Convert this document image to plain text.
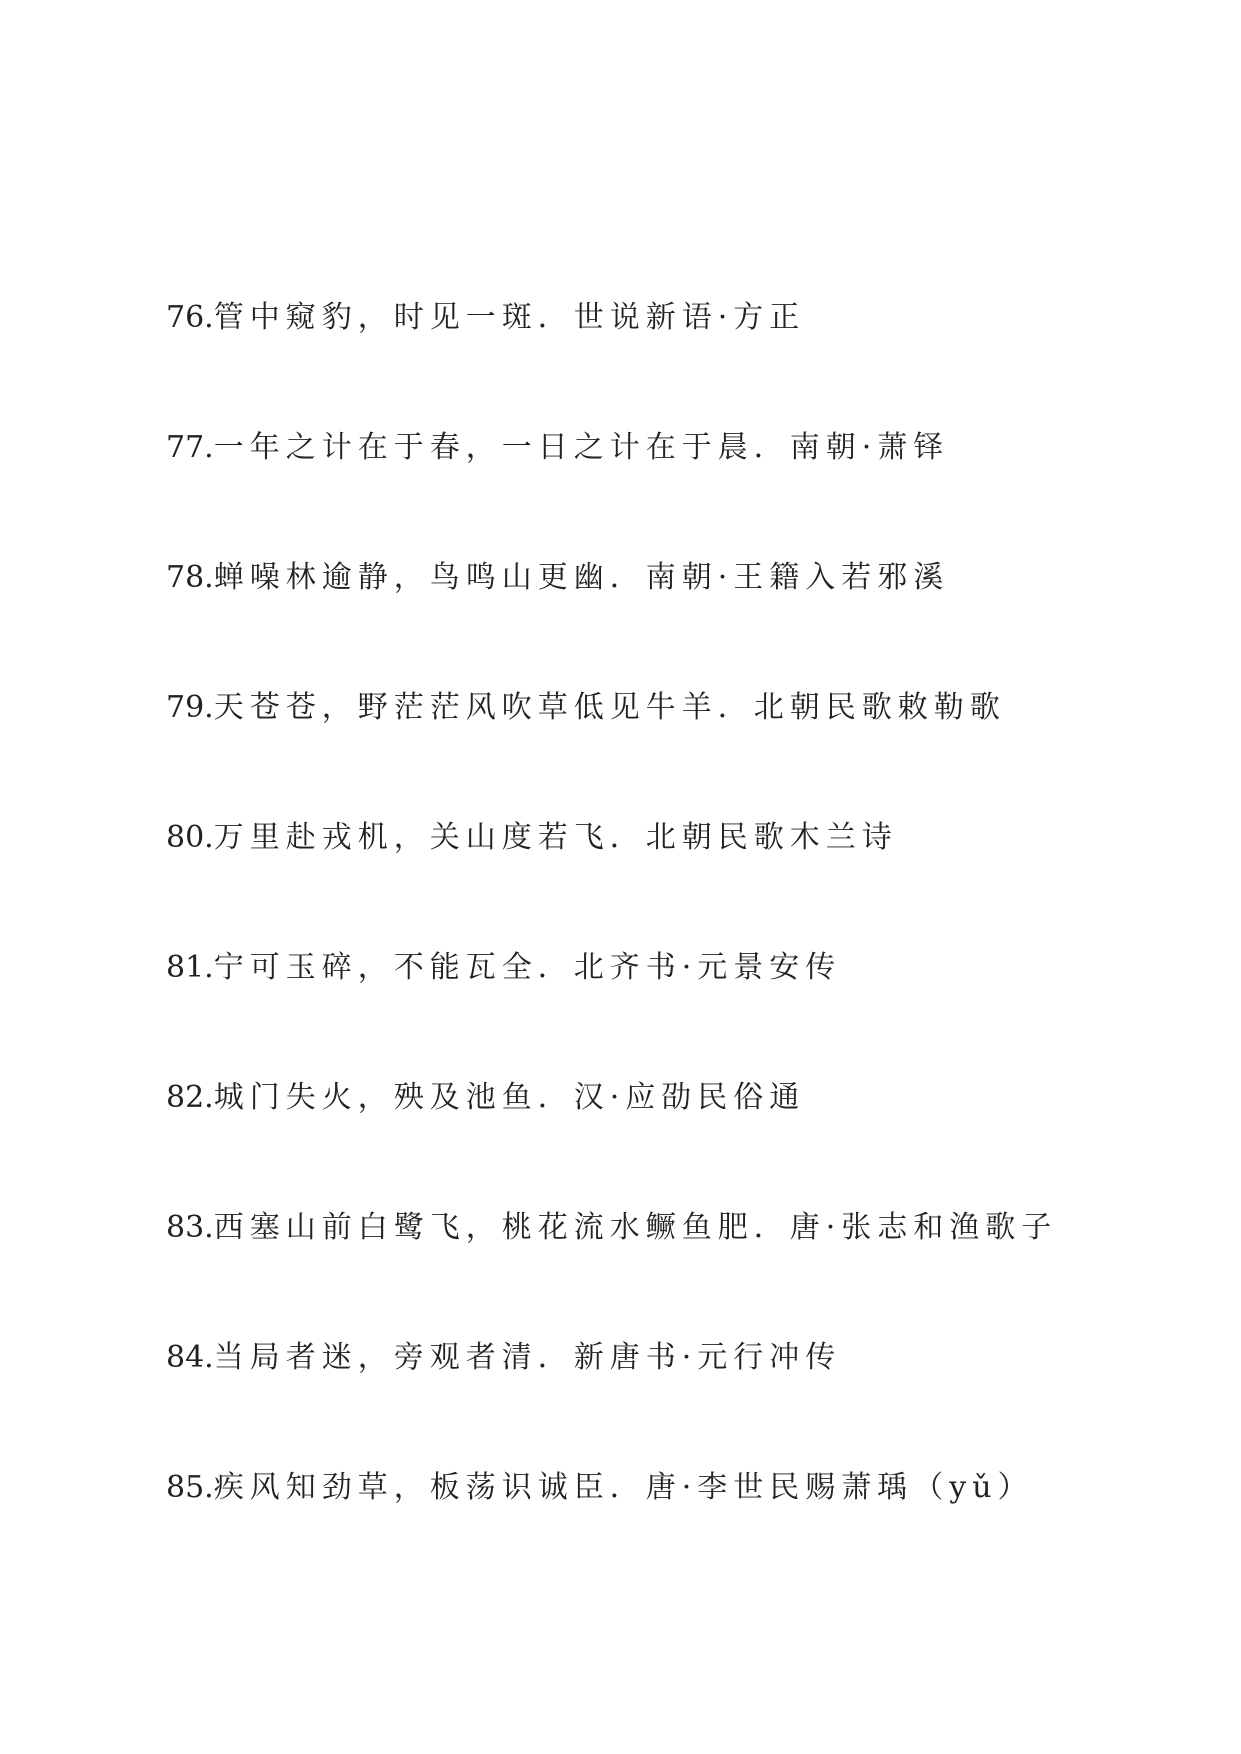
76.管中窥豹，时见一斑．世说新语·方正
77.一年之计在于春，一日之计在于晨．南朝·萧铎
78.蝉噪林逾静，鸟鸣山更幽．南朝·王籍入若邪溪
79.天苍苍，野茫茫风吹草低见牛羊．北朝民歌敕勒歌
80.万里赴戎机，关山度若飞．北朝民歌木兰诗
81.宁可玉碎，不能瓦全．北齐书·元景安传
82.城门失火，殃及池鱼．汉·应劭民俗通
83.西塞山前白鹭飞，桃花流水鳜鱼肥．唐·张志和渔歌子
84.当局者迷，旁观者清．新唐书·元行冲传
85.疾风知劲草，板荡识诚臣．唐·李世民赐萧瑀（yǔ）
